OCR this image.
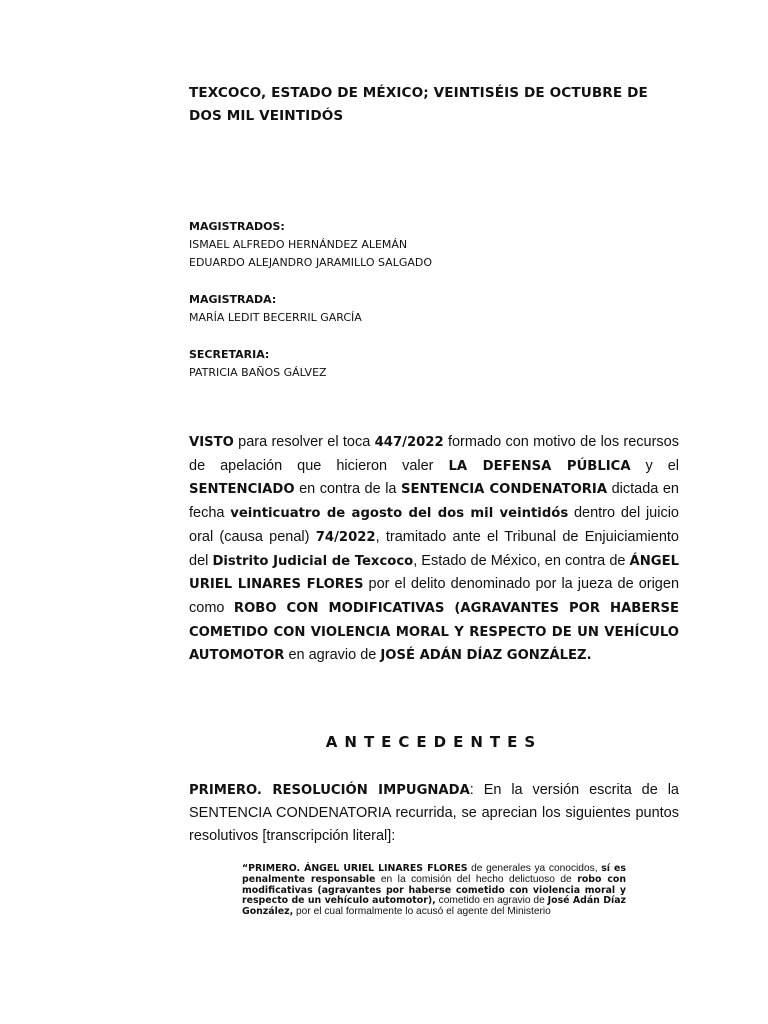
TEXCOCO, ESTADO DE MÉXICO; VEINTISÉIS DE OCTUBRE DE DOS MIL VEINTIDÓS
MAGISTRADOS:
ISMAEL ALFREDO HERNÁNDEZ ALEMÁN
EDUARDO ALEJANDRO JARAMILLO SALGADO
MAGISTRADA:
MARÍA LEDIT BECERRIL GARCÍA
SECRETARIA:
PATRICIA BAÑOS GÁLVEZ

VISTO para resolver el toca 447/2022 formado con motivo de los recursos de apelación que hicieron valer LA DEFENSA PÚBLICA y el SENTENCIADO en contra de la SENTENCIA CONDENATORIA dictada en fecha veinticuatro de agosto del dos mil veintidós dentro del juicio oral (causa penal) 74/2022, tramitado ante el Tribunal de Enjuiciamiento del Distrito Judicial de Texcoco, Estado de México, en contra de ÁNGEL URIEL LINARES FLORES por el delito denominado por la jueza de origen como ROBO CON MODIFICATIVAS (AGRAVANTES POR HABERSE COMETIDO CON VIOLENCIA MORAL Y RESPECTO DE UN VEHÍCULO AUTOMOTOR en agravio de JOSÉ ADÁN DÍAZ GONZÁLEZ.

ANTECEDENTES

PRIMERO. RESOLUCIÓN IMPUGNADA: En la versión escrita de la SENTENCIA CONDENATORIA recurrida, se aprecian los siguientes puntos resolutivos [transcripción literal]:

“PRIMERO. ÁNGEL URIEL LINARES FLORES de generales ya conocidos, sí es penalmente responsable en la comisión del hecho delictuoso de robo con modificativas (agravantes por haberse cometido con violencia moral y respecto de un vehículo automotor), cometido en agravio de José Adán Díaz González, por el cual formalmente lo acusó el agente del Ministerio
